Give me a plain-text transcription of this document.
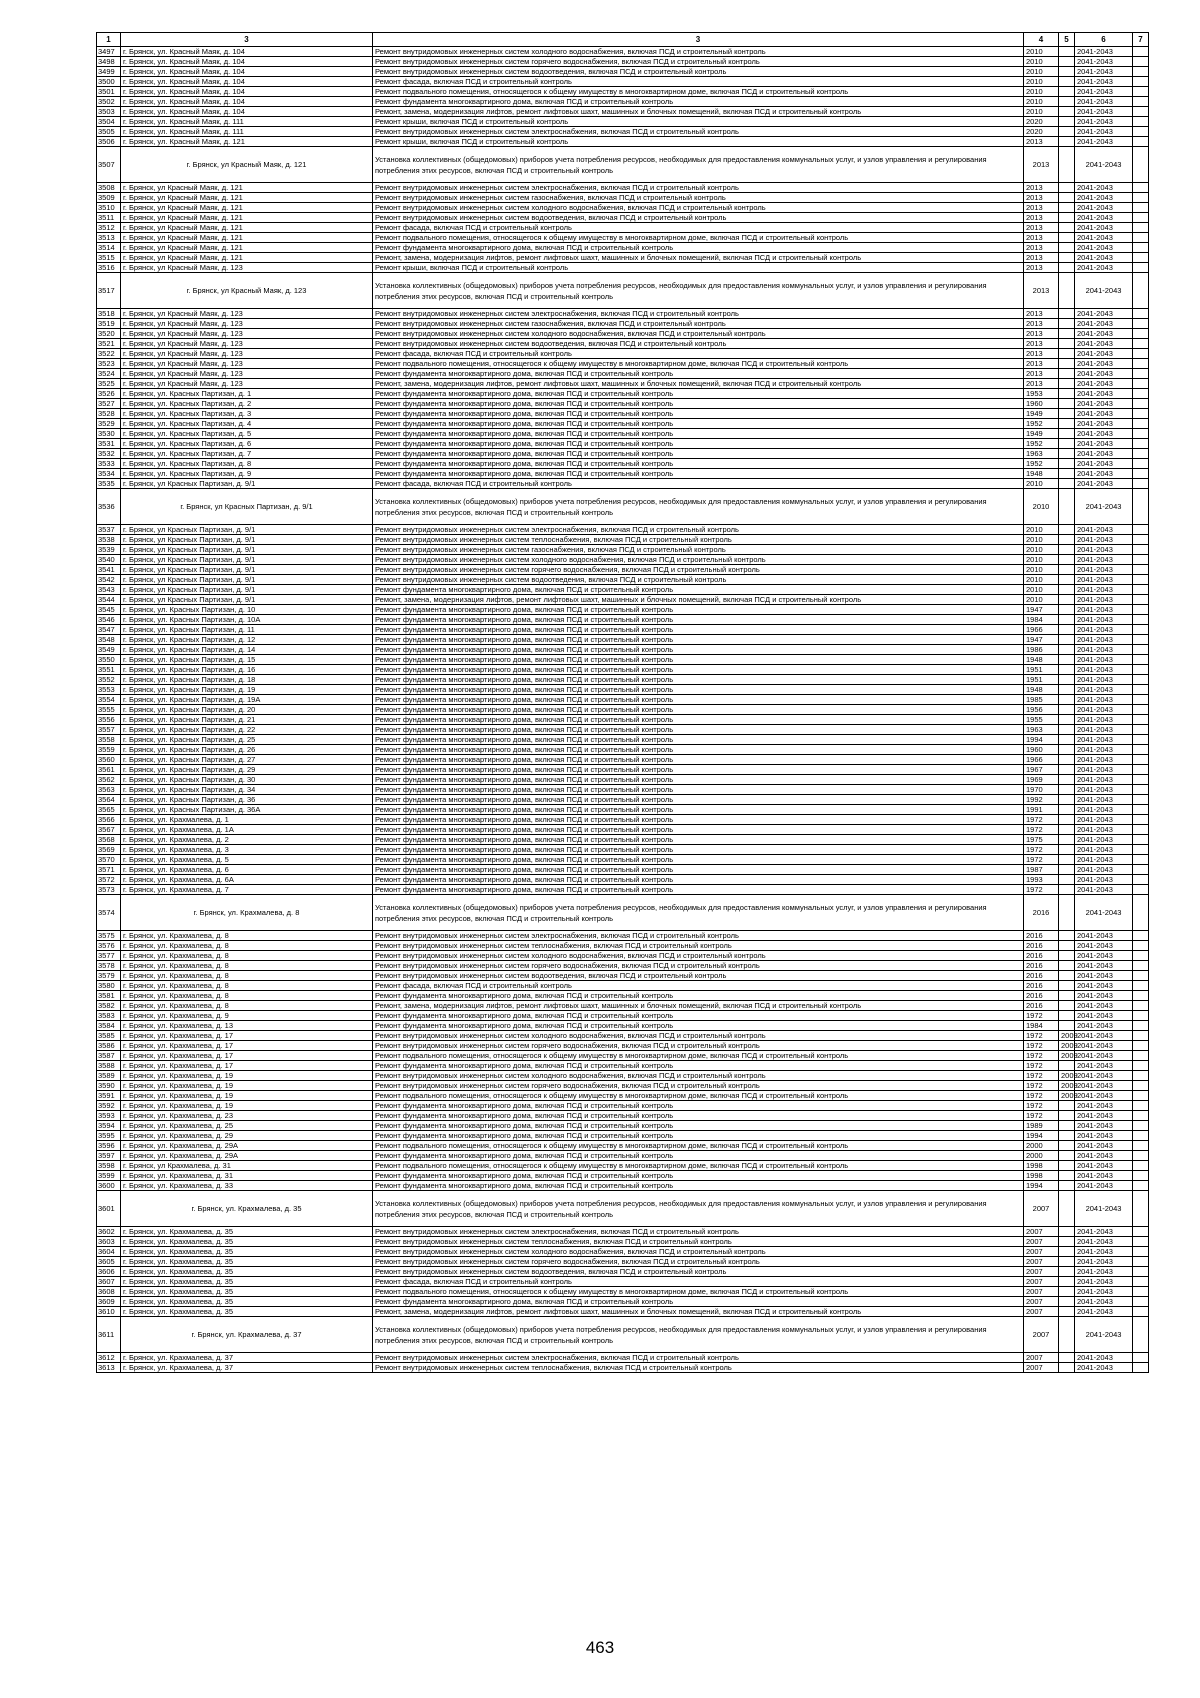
1	3	3	4	5	6	7
3497	г. Брянск, ул. Красный Маяк, д. 104	Ремонт внутридомовых инженерных систем холодного водоснабжения, включая ПСД и строительный контроль	2010		2041-2043	
3498	г. Брянск, ул. Красный Маяк, д. 104	Ремонт внутридомовых инженерных систем горячего водоснабжения, включая ПСД и строительный контроль	2010		2041-2043	
3499	г. Брянск, ул. Красный Маяк, д. 104	Ремонт внутридомовых инженерных систем водоотведения, включая ПСД и строительный контроль	2010		2041-2043	
3500	г. Брянск, ул. Красный Маяк, д. 104	Ремонт фасада, включая ПСД и строительный контроль	2010		2041-2043	
3501	г. Брянск, ул. Красный Маяк, д. 104	Ремонт подвального помещения, относящегося к общему имуществу в многоквартирном доме, включая ПСД и строительный контроль	2010		2041-2043	
3502	г. Брянск, ул. Красный Маяк, д. 104	Ремонт фундамента многоквартирного дома, включая ПСД и строительный контроль	2010		2041-2043	
3503	г. Брянск, ул. Красный Маяк, д. 104	Ремонт, замена, модернизация лифтов, ремонт лифтовых шахт, машинных и блочных помещений, включая ПСД и строительный контроль	2010		2041-2043	
3504	г. Брянск, ул. Красный Маяк, д. 111	Ремонт крыши, включая ПСД и строительный контроль	2020		2041-2043	
3505	г. Брянск, ул. Красный Маяк, д. 111	Ремонт внутридомовых инженерных систем электроснабжения, включая ПСД и строительный контроль	2020		2041-2043	
3506	г. Брянск, ул. Красный Маяк, д. 121	Ремонт крыши, включая ПСД и строительный контроль	2013		2041-2043	
3507	г. Брянск, ул Красный Маяк, д. 121	Установка коллективных (общедомовых) приборов учета потребления ресурсов, необходимых для предоставления коммунальных услуг, и узлов управления и регулирования потребления этих ресурсов, включая ПСД и строительный контроль	2013		2041-2043	
3508	г. Брянск, ул Красный Маяк, д. 121	Ремонт внутридомовых инженерных систем электроснабжения, включая ПСД и строительный контроль	2013		2041-2043	
3509	г. Брянск, ул Красный Маяк, д. 121	Ремонт внутридомовых инженерных систем газоснабжения, включая ПСД и строительный контроль	2013		2041-2043	
3510	г. Брянск, ул Красный Маяк, д. 121	Ремонт внутридомовых инженерных систем холодного водоснабжения, включая ПСД и строительный контроль	2013		2041-2043	
3511	г. Брянск, ул Красный Маяк, д. 121	Ремонт внутридомовых инженерных систем водоотведения, включая ПСД и строительный контроль	2013		2041-2043	
3512	г. Брянск, ул Красный Маяк, д. 121	Ремонт фасада, включая ПСД и строительный контроль	2013		2041-2043	
3513	г. Брянск, ул Красный Маяк, д. 121	Ремонт подвального помещения, относящегося к общему имуществу в многоквартирном доме, включая ПСД и строительный контроль	2013		2041-2043	
3514	г. Брянск, ул Красный Маяк, д. 121	Ремонт фундамента многоквартирного дома, включая ПСД и строительный контроль	2013		2041-2043	
3515	г. Брянск, ул Красный Маяк, д. 121	Ремонт, замена, модернизация лифтов, ремонт лифтовых шахт, машинных и блочных помещений, включая ПСД и строительный контроль	2013		2041-2043	
3516	г. Брянск, ул Красный Маяк, д. 123	Ремонт крыши, включая ПСД и строительный контроль	2013		2041-2043	
3517	г. Брянск, ул Красный Маяк, д. 123	Установка коллективных (общедомовых) приборов учета потребления ресурсов, необходимых для предоставления коммунальных услуг, и узлов управления и регулирования потребления этих ресурсов, включая ПСД и строительный контроль	2013		2041-2043	
3518	г. Брянск, ул Красный Маяк, д. 123	Ремонт внутридомовых инженерных систем электроснабжения, включая ПСД и строительный контроль	2013		2041-2043	
3519	г. Брянск, ул Красный Маяк, д. 123	Ремонт внутридомовых инженерных систем газоснабжения, включая ПСД и строительный контроль	2013		2041-2043	
3520	г. Брянск, ул Красный Маяк, д. 123	Ремонт внутридомовых инженерных систем холодного водоснабжения, включая ПСД и строительный контроль	2013		2041-2043	
3521	г. Брянск, ул Красный Маяк, д. 123	Ремонт внутридомовых инженерных систем водоотведения, включая ПСД и строительный контроль	2013		2041-2043	
3522	г. Брянск, ул Красный Маяк, д. 123	Ремонт фасада, включая ПСД и строительный контроль	2013		2041-2043	
3523	г. Брянск, ул Красный Маяк, д. 123	Ремонт подвального помещения, относящегося к общему имуществу в многоквартирном доме, включая ПСД и строительный контроль	2013		2041-2043	
3524	г. Брянск, ул Красный Маяк, д. 123	Ремонт фундамента многоквартирного дома, включая ПСД и строительный контроль	2013		2041-2043	
3525	г. Брянск, ул Красный Маяк, д. 123	Ремонт, замена, модернизация лифтов, ремонт лифтовых шахт, машинных и блочных помещений, включая ПСД и строительный контроль	2013		2041-2043	
3526	г. Брянск, ул. Красных Партизан, д. 1	Ремонт фундамента многоквартирного дома, включая ПСД и строительный контроль	1953		2041-2043	
3527	г. Брянск, ул. Красных Партизан, д. 2	Ремонт фундамента многоквартирного дома, включая ПСД и строительный контроль	1960		2041-2043	
3528	г. Брянск, ул. Красных Партизан, д. 3	Ремонт фундамента многоквартирного дома, включая ПСД и строительный контроль	1949		2041-2043	
3529	г. Брянск, ул. Красных Партизан, д. 4	Ремонт фундамента многоквартирного дома, включая ПСД и строительный контроль	1952		2041-2043	
3530	г. Брянск, ул. Красных Партизан, д. 5	Ремонт фундамента многоквартирного дома, включая ПСД и строительный контроль	1949		2041-2043	
3531	г. Брянск, ул. Красных Партизан, д. 6	Ремонт фундамента многоквартирного дома, включая ПСД и строительный контроль	1952		2041-2043	
3532	г. Брянск, ул. Красных Партизан, д. 7	Ремонт фундамента многоквартирного дома, включая ПСД и строительный контроль	1963		2041-2043	
3533	г. Брянск, ул. Красных Партизан, д. 8	Ремонт фундамента многоквартирного дома, включая ПСД и строительный контроль	1952		2041-2043	
3534	г. Брянск, ул. Красных Партизан, д. 9	Ремонт фундамента многоквартирного дома, включая ПСД и строительный контроль	1948		2041-2043	
3535	г. Брянск, ул Красных Партизан, д. 9/1	Ремонт фасада, включая ПСД и строительный контроль	2010		2041-2043	
3536	г. Брянск, ул Красных Партизан, д. 9/1	Установка коллективных (общедомовых) приборов учета потребления ресурсов, необходимых для предоставления коммунальных услуг, и узлов управления и регулирования потребления этих ресурсов, включая ПСД и строительный контроль	2010		2041-2043	
3537	г. Брянск, ул Красных Партизан, д. 9/1	Ремонт внутридомовых инженерных систем электроснабжения, включая ПСД и строительный контроль	2010		2041-2043	
3538	г. Брянск, ул Красных Партизан, д. 9/1	Ремонт внутридомовых инженерных систем теплоснабжения, включая ПСД и строительный контроль	2010		2041-2043	
3539	г. Брянск, ул Красных Партизан, д. 9/1	Ремонт внутридомовых инженерных систем газоснабжения, включая ПСД и строительный контроль	2010		2041-2043	
3540	г. Брянск, ул Красных Партизан, д. 9/1	Ремонт внутридомовых инженерных систем холодного водоснабжения, включая ПСД и строительный контроль	2010		2041-2043	
3541	г. Брянск, ул Красных Партизан, д. 9/1	Ремонт внутридомовых инженерных систем горячего водоснабжения, включая ПСД и строительный контроль	2010		2041-2043	
3542	г. Брянск, ул Красных Партизан, д. 9/1	Ремонт внутридомовых инженерных систем водоотведения, включая ПСД и строительный контроль	2010		2041-2043	
3543	г. Брянск, ул Красных Партизан, д. 9/1	Ремонт фундамента многоквартирного дома, включая ПСД и строительный контроль	2010		2041-2043	
3544	г. Брянск, ул Красных Партизан, д. 9/1	Ремонт, замена, модернизация лифтов, ремонт лифтовых шахт, машинных и блочных помещений, включая ПСД и строительный контроль	2010		2041-2043	
3545	г. Брянск, ул. Красных Партизан, д. 10	Ремонт фундамента многоквартирного дома, включая ПСД и строительный контроль	1947		2041-2043	
3546	г. Брянск, ул. Красных Партизан, д. 10А	Ремонт фундамента многоквартирного дома, включая ПСД и строительный контроль	1984		2041-2043	
3547	г. Брянск, ул. Красных Партизан, д. 11	Ремонт фундамента многоквартирного дома, включая ПСД и строительный контроль	1966		2041-2043	
3548	г. Брянск, ул. Красных Партизан, д. 12	Ремонт фундамента многоквартирного дома, включая ПСД и строительный контроль	1947		2041-2043	
3549	г. Брянск, ул. Красных Партизан, д. 14	Ремонт фундамента многоквартирного дома, включая ПСД и строительный контроль	1986		2041-2043	
3550	г. Брянск, ул. Красных Партизан, д. 15	Ремонт фундамента многоквартирного дома, включая ПСД и строительный контроль	1948		2041-2043	
3551	г. Брянск, ул. Красных Партизан, д. 16	Ремонт фундамента многоквартирного дома, включая ПСД и строительный контроль	1951		2041-2043	
3552	г. Брянск, ул. Красных Партизан, д. 18	Ремонт фундамента многоквартирного дома, включая ПСД и строительный контроль	1951		2041-2043	
3553	г. Брянск, ул. Красных Партизан, д. 19	Ремонт фундамента многоквартирного дома, включая ПСД и строительный контроль	1948		2041-2043	
3554	г. Брянск, ул. Красных Партизан, д. 19А	Ремонт фундамента многоквартирного дома, включая ПСД и строительный контроль	1985		2041-2043	
3555	г. Брянск, ул. Красных Партизан, д. 20	Ремонт фундамента многоквартирного дома, включая ПСД и строительный контроль	1956		2041-2043	
3556	г. Брянск, ул. Красных Партизан, д. 21	Ремонт фундамента многоквартирного дома, включая ПСД и строительный контроль	1955		2041-2043	
3557	г. Брянск, ул. Красных Партизан, д. 22	Ремонт фундамента многоквартирного дома, включая ПСД и строительный контроль	1963		2041-2043	
3558	г. Брянск, ул. Красных Партизан, д. 25	Ремонт фундамента многоквартирного дома, включая ПСД и строительный контроль	1994		2041-2043	
3559	г. Брянск, ул. Красных Партизан, д. 26	Ремонт фундамента многоквартирного дома, включая ПСД и строительный контроль	1960		2041-2043	
3560	г. Брянск, ул. Красных Партизан, д. 27	Ремонт фундамента многоквартирного дома, включая ПСД и строительный контроль	1966		2041-2043	
3561	г. Брянск, ул. Красных Партизан, д. 29	Ремонт фундамента многоквартирного дома, включая ПСД и строительный контроль	1967		2041-2043	
3562	г. Брянск, ул. Красных Партизан, д. 30	Ремонт фундамента многоквартирного дома, включая ПСД и строительный контроль	1969		2041-2043	
3563	г. Брянск, ул. Красных Партизан, д. 34	Ремонт фундамента многоквартирного дома, включая ПСД и строительный контроль	1970		2041-2043	
3564	г. Брянск, ул. Красных Партизан, д. 36	Ремонт фундамента многоквартирного дома, включая ПСД и строительный контроль	1992		2041-2043	
3565	г. Брянск, ул. Красных Партизан, д. 36А	Ремонт фундамента многоквартирного дома, включая ПСД и строительный контроль	1991		2041-2043	
3566	г. Брянск, ул. Крахмалева, д. 1	Ремонт фундамента многоквартирного дома, включая ПСД и строительный контроль	1972		2041-2043	
3567	г. Брянск, ул. Крахмалева, д. 1А	Ремонт фундамента многоквартирного дома, включая ПСД и строительный контроль	1972		2041-2043	
3568	г. Брянск, ул. Крахмалева, д. 2	Ремонт фундамента многоквартирного дома, включая ПСД и строительный контроль	1975		2041-2043	
3569	г. Брянск, ул. Крахмалева, д. 3	Ремонт фундамента многоквартирного дома, включая ПСД и строительный контроль	1972		2041-2043	
3570	г. Брянск, ул. Крахмалева, д. 5	Ремонт фундамента многоквартирного дома, включая ПСД и строительный контроль	1972		2041-2043	
3571	г. Брянск, ул. Крахмалева, д. 6	Ремонт фундамента многоквартирного дома, включая ПСД и строительный контроль	1987		2041-2043	
3572	г. Брянск, ул. Крахмалева, д. 6А	Ремонт фундамента многоквартирного дома, включая ПСД и строительный контроль	1993		2041-2043	
3573	г. Брянск, ул. Крахмалева, д. 7	Ремонт фундамента многоквартирного дома, включая ПСД и строительный контроль	1972		2041-2043	
3574	г. Брянск, ул. Крахмалева, д. 8	Установка коллективных (общедомовых) приборов учета потребления ресурсов, необходимых для предоставления коммунальных услуг, и узлов управления и регулирования потребления этих ресурсов, включая ПСД и строительный контроль	2016		2041-2043	
3575	г. Брянск, ул. Крахмалева, д. 8	Ремонт внутридомовых инженерных систем электроснабжения, включая ПСД и строительный контроль	2016		2041-2043	
3576	г. Брянск, ул. Крахмалева, д. 8	Ремонт внутридомовых инженерных систем теплоснабжения, включая ПСД и строительный контроль	2016		2041-2043	
3577	г. Брянск, ул. Крахмалева, д. 8	Ремонт внутридомовых инженерных систем холодного водоснабжения, включая ПСД и строительный контроль	2016		2041-2043	
3578	г. Брянск, ул. Крахмалева, д. 8	Ремонт внутридомовых инженерных систем горячего водоснабжения, включая ПСД и строительный контроль	2016		2041-2043	
3579	г. Брянск, ул. Крахмалева, д. 8	Ремонт внутридомовых инженерных систем водоотведения, включая ПСД и строительный контроль	2016		2041-2043	
3580	г. Брянск, ул. Крахмалева, д. 8	Ремонт фасада, включая ПСД и строительный контроль	2016		2041-2043	
3581	г. Брянск, ул. Крахмалева, д. 8	Ремонт фундамента многоквартирного дома, включая ПСД и строительный контроль	2016		2041-2043	
3582	г. Брянск, ул. Крахмалева, д. 8	Ремонт, замена, модернизация лифтов, ремонт лифтовых шахт, машинных и блочных помещений, включая ПСД и строительный контроль	2016		2041-2043	
3583	г. Брянск, ул. Крахмалева, д. 9	Ремонт фундамента многоквартирного дома, включая ПСД и строительный контроль	1972		2041-2043	
3584	г. Брянск, ул. Крахмалева, д. 13	Ремонт фундамента многоквартирного дома, включая ПСД и строительный контроль	1984		2041-2043	
3585	г. Брянск, ул. Крахмалева, д. 17	Ремонт внутридомовых инженерных систем холодного водоснабжения, включая ПСД и строительный контроль	1972	2009	2041-2043	
3586	г. Брянск, ул. Крахмалева, д. 17	Ремонт внутридомовых инженерных систем горячего водоснабжения, включая ПСД и строительный контроль	1972	2009	2041-2043	
3587	г. Брянск, ул. Крахмалева, д. 17	Ремонт подвального помещения, относящегося к общему имуществу в многоквартирном доме, включая ПСД и строительный контроль	1972	2009	2041-2043	
3588	г. Брянск, ул. Крахмалева, д. 17	Ремонт фундамента многоквартирного дома, включая ПСД и строительный контроль	1972		2041-2043	
3589	г. Брянск, ул. Крахмалева, д. 19	Ремонт внутридомовых инженерных систем холодного водоснабжения, включая ПСД и строительный контроль	1972	2009	2041-2043	
3590	г. Брянск, ул. Крахмалева, д. 19	Ремонт внутридомовых инженерных систем горячего водоснабжения, включая ПСД и строительный контроль	1972	2009	2041-2043	
3591	г. Брянск, ул. Крахмалева, д. 19	Ремонт подвального помещения, относящегося к общему имуществу в многоквартирном доме, включая ПСД и строительный контроль	1972	2009	2041-2043	
3592	г. Брянск, ул. Крахмалева, д. 19	Ремонт фундамента многоквартирного дома, включая ПСД и строительный контроль	1972		2041-2043	
3593	г. Брянск, ул. Крахмалева, д. 23	Ремонт фундамента многоквартирного дома, включая ПСД и строительный контроль	1972		2041-2043	
3594	г. Брянск, ул. Крахмалева, д. 25	Ремонт фундамента многоквартирного дома, включая ПСД и строительный контроль	1989		2041-2043	
3595	г. Брянск, ул. Крахмалева, д. 29	Ремонт фундамента многоквартирного дома, включая ПСД и строительный контроль	1994		2041-2043	
3596	г. Брянск, ул. Крахмалева, д. 29А	Ремонт подвального помещения, относящегося к общему имуществу в многоквартирном доме, включая ПСД и строительный контроль	2000		2041-2043	
3597	г. Брянск, ул. Крахмалева, д. 29А	Ремонт фундамента многоквартирного дома, включая ПСД и строительный контроль	2000		2041-2043	
3598	г. Брянск, ул Крахмалева, д. 31	Ремонт подвального помещения, относящегося к общему имуществу в многоквартирном доме, включая ПСД и строительный контроль	1998		2041-2043	
3599	г. Брянск, ул. Крахмалева, д. 31	Ремонт фундамента многоквартирного дома, включая ПСД и строительный контроль	1998		2041-2043	
3600	г. Брянск, ул. Крахмалева, д. 33	Ремонт фундамента многоквартирного дома, включая ПСД и строительный контроль	1994		2041-2043	
3601	г. Брянск, ул. Крахмалева, д. 35	Установка коллективных (общедомовых) приборов учета потребления ресурсов, необходимых для предоставления коммунальных услуг, и узлов управления и регулирования потребления этих ресурсов, включая ПСД и строительный контроль	2007		2041-2043	
3602	г. Брянск, ул. Крахмалева, д. 35	Ремонт внутридомовых инженерных систем электроснабжения, включая ПСД и строительный контроль	2007		2041-2043	
3603	г. Брянск, ул. Крахмалева, д. 35	Ремонт внутридомовых инженерных систем теплоснабжения, включая ПСД и строительный контроль	2007		2041-2043	
3604	г. Брянск, ул. Крахмалева, д. 35	Ремонт внутридомовых инженерных систем холодного водоснабжения, включая ПСД и строительный контроль	2007		2041-2043	
3605	г. Брянск, ул. Крахмалева, д. 35	Ремонт внутридомовых инженерных систем горячего водоснабжения, включая ПСД и строительный контроль	2007		2041-2043	
3606	г. Брянск, ул. Крахмалева, д. 35	Ремонт внутридомовых инженерных систем водоотведения, включая ПСД и строительный контроль	2007		2041-2043	
3607	г. Брянск, ул. Крахмалева, д. 35	Ремонт фасада, включая ПСД и строительный контроль	2007		2041-2043	
3608	г. Брянск, ул. Крахмалева, д. 35	Ремонт подвального помещения, относящегося к общему имуществу в многоквартирном доме, включая ПСД и строительный контроль	2007		2041-2043	
3609	г. Брянск, ул. Крахмалева, д. 35	Ремонт фундамента многоквартирного дома, включая ПСД и строительный контроль	2007		2041-2043	
3610	г. Брянск, ул. Крахмалева, д. 35	Ремонт, замена, модернизация лифтов, ремонт лифтовых шахт, машинных и блочных помещений, включая ПСД и строительный контроль	2007		2041-2043	
3611	г. Брянск, ул. Крахмалева, д. 37	Установка коллективных (общедомовых) приборов учета потребления ресурсов, необходимых для предоставления коммунальных услуг, и узлов управления и регулирования потребления этих ресурсов, включая ПСД и строительный контроль	2007		2041-2043	
3612	г. Брянск, ул. Крахмалева, д. 37	Ремонт внутридомовых инженерных систем электроснабжения, включая ПСД и строительный контроль	2007		2041-2043	
3613	г. Брянск, ул. Крахмалева, д. 37	Ремонт внутридомовых инженерных систем теплоснабжения, включая ПСД и строительный контроль	2007		2041-2043	
463
